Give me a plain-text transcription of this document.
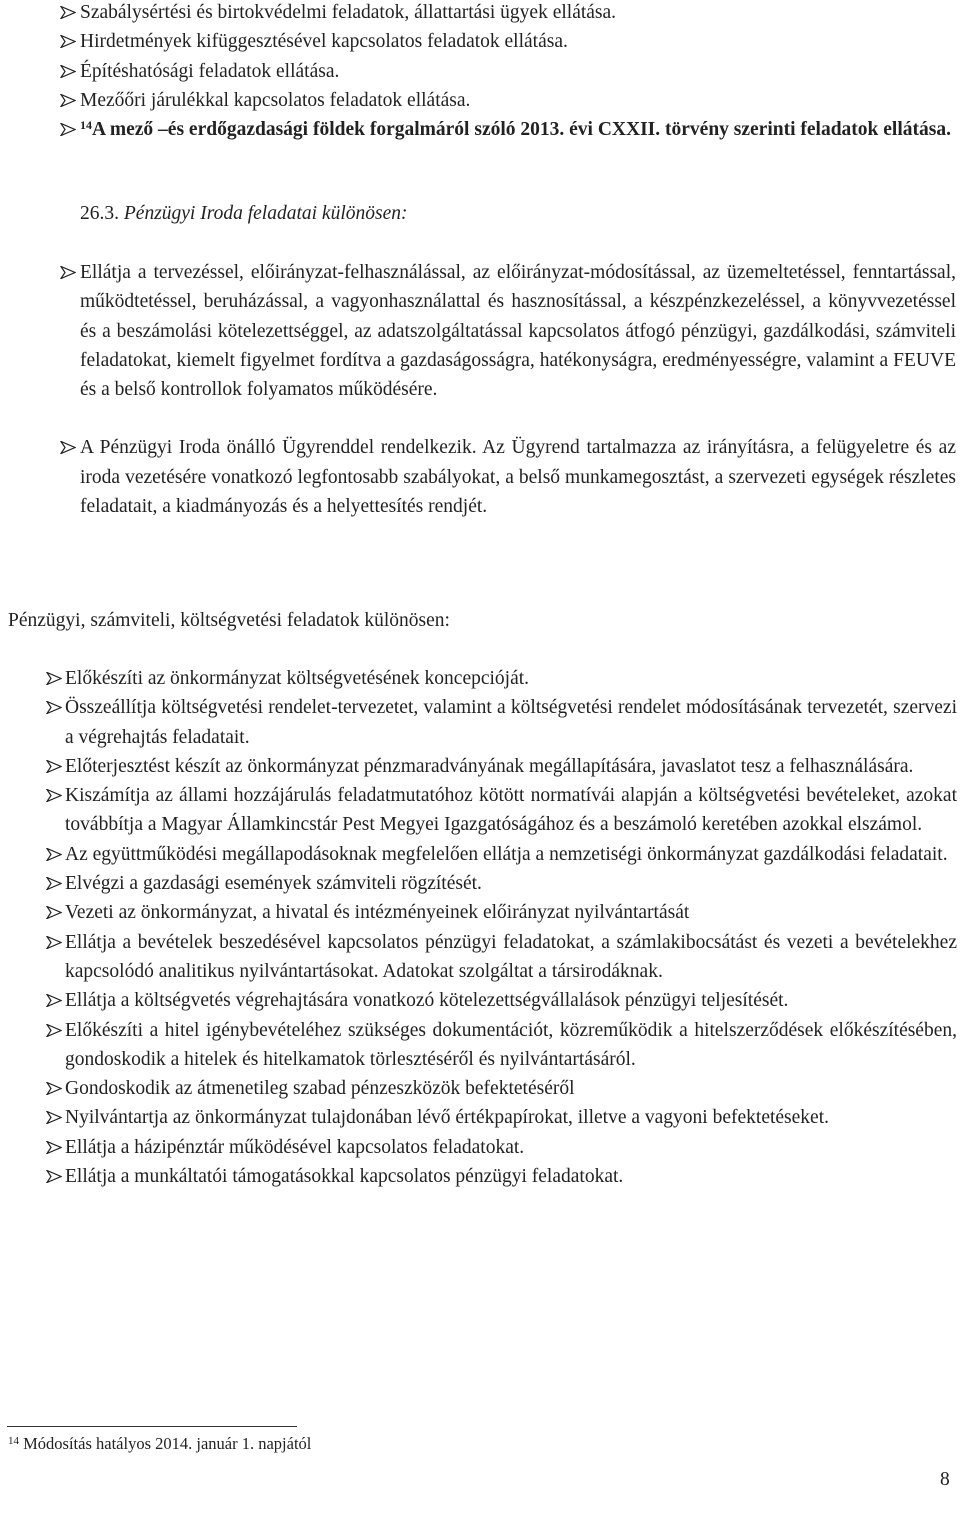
Szabálysértési és birtokvédelmi feladatok, állattartási ügyek ellátása.
Hirdetmények kifüggesztésével kapcsolatos feladatok ellátása.
Építéshatósági feladatok ellátása.
Mezőőri járulékkal kapcsolatos feladatok ellátása.
$^{14}$A mező –és erdőgazdasági földek forgalmáról szóló 2013. évi CXXII. törvény szerinti feladatok ellátása.
26.3. Pénzügyi Iroda feladatai különösen:
Ellátja a tervezéssel, előirányzat-felhasználással, az előirányzat-módosítással, az üzemeltetéssel, fenntartással, működtetéssel, beruházással, a vagyonhasználattal és hasznosítással, a készpénzkezeléssel, a könyvvezetéssel és a beszámolási kötelezettséggel, az adatszolgáltatással kapcsolatos átfogó pénzügyi, gazdálkodási, számviteli feladatokat, kiemelt figyelmet fordítva a gazdaságosságra, hatékonyságra, eredményességre, valamint a FEUVE és a belső kontrollok folyamatos működésére.
A Pénzügyi Iroda önálló Ügyrenddel rendelkezik. Az Ügyrend tartalmazza az irányításra, a felügyeletre és az iroda vezetésére vonatkozó legfontosabb szabályokat, a belső munkamegosztást, a szervezeti egységek részletes feladatait, a kiadmányozás és a helyettesítés rendjét.
Pénzügyi, számviteli, költségvetési feladatok különösen:
Előkészíti az önkormányzat költségvetésének koncepcióját.
Összeállítja költségvetési rendelet-tervezetet, valamint a költségvetési rendelet módosításának tervezetét, szervezi a végrehajtás feladatait.
Előterjesztést készít az önkormányzat pénzmaradványának megállapítására, javaslatot tesz a felhasználására.
Kiszámítja az állami hozzájárulás feladatmutatóhoz kötött normatívái alapján a költségvetési bevételeket, azokat továbbítja a Magyar Államkincstár Pest Megyei Igazgatóságához és a beszámoló keretében azokkal elszámol.
Az együttműködési megállapodásoknak megfelelően ellátja a nemzetiségi önkormányzat gazdálkodási feladatait.
Elvégzi a gazdasági események számviteli rögzítését.
Vezeti az önkormányzat, a hivatal és intézményeinek előirányzat nyilvántartását
Ellátja a bevételek beszedésével kapcsolatos pénzügyi feladatokat, a számlakibocsátást és vezeti a bevételekhez kapcsolódó analitikus nyilvántartásokat. Adatokat szolgáltat a társirodáknak.
Ellátja a költségvetés végrehajtására vonatkozó kötelezettségvállalások pénzügyi teljesítését.
Előkészíti a hitel igénybevételéhez szükséges dokumentációt, közreműködik a hitelszerződések előkészítésében, gondoskodik a hitelek és hitelkamatok törlesztéséről és nyilvántartásáról.
Gondoskodik az átmenetileg szabad pénzeszközök befektetéséről
Nyilvántartja az önkormányzat tulajdonában lévő értékpapírokat, illetve a vagyoni befektetéseket.
Ellátja a házipénztár működésével kapcsolatos feladatokat.
Ellátja a munkáltatói támogatásokkal kapcsolatos pénzügyi feladatokat.
$^{14}$ Módosítás hatályos 2014. január 1. napjától
8
